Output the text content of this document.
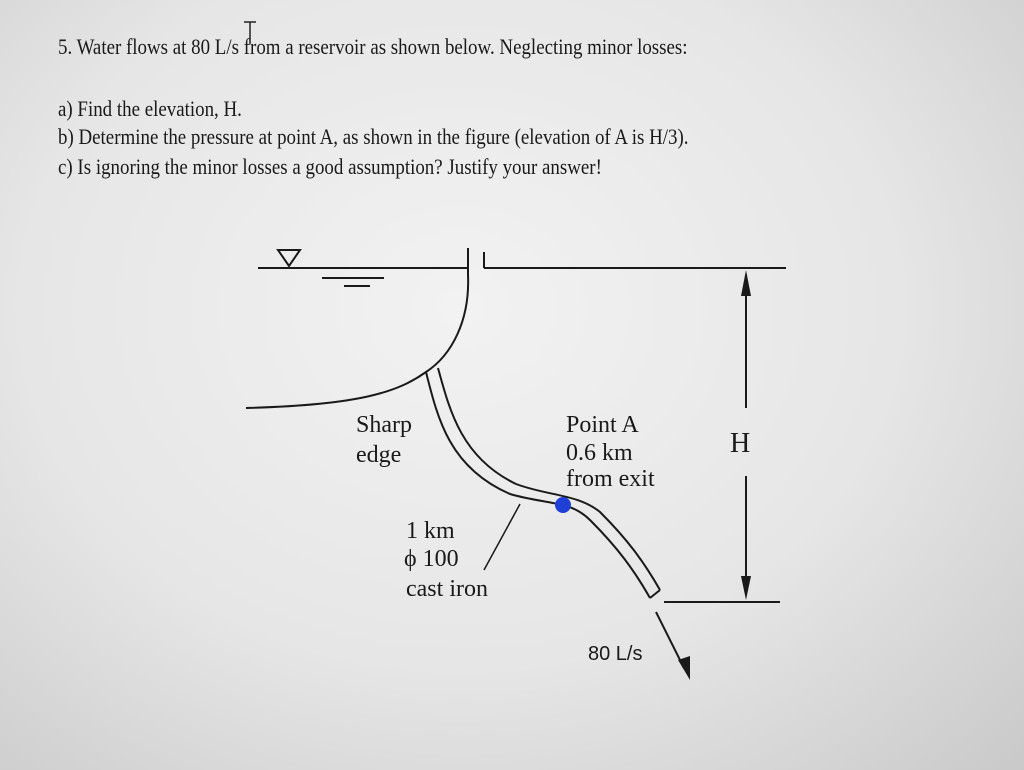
5. Water flows at 80 L/s from a reservoir as shown below. Neglecting minor losses:
a) Find the elevation, H.
b) Determine the pressure at point A, as shown in the figure (elevation of A is H/3).
c) Is ignoring the minor losses a good assumption? Justify your answer!
Sharp
edge
Point A
0.6 km
from exit
H
1 km
ϕ 100
cast iron
80 L/s
